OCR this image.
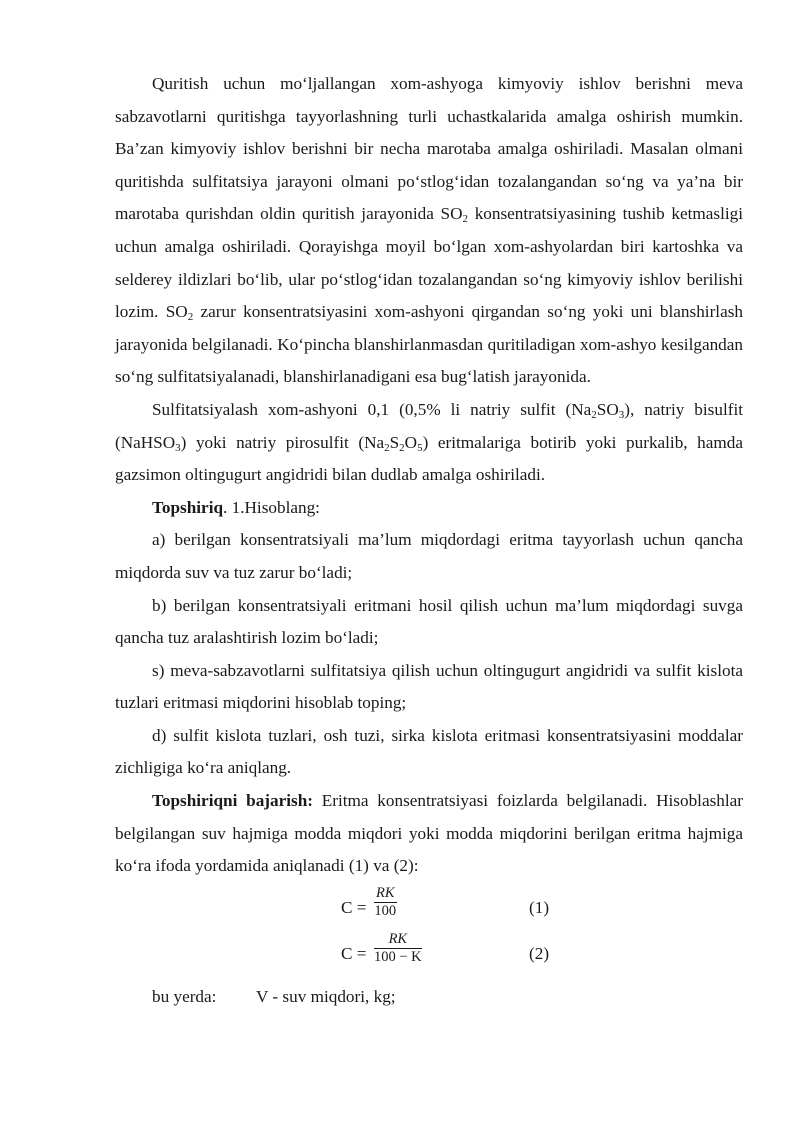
Quritish uchun mo‘ljallangan xom-ashyoga kimyoviy ishlov berishni meva sabzavotlarni quritishga tayyorlashning turli uchastkalarida amalga oshirish mumkin. Ba’zan kimyoviy ishlov berishni bir necha marotaba amalga oshiriladi. Masalan olmani quritishda sulfitatsiya jarayoni olmani po‘stlog‘idan tozalangandan so‘ng va ya’na bir marotaba qurishdan oldin quritish jarayonida $SO_2$ konsentratsiyasining tushib ketmasligi uchun amalga oshiriladi. Qorayishga moyil bo‘lgan xom-ashyolardan biri kartoshka va selderey ildizlari bo‘lib, ular po‘stlog‘idan tozalangandan so‘ng kimyoviy ishlov berilishi lozim. $SO_2$ zarur konsentratsiyasini xom-ashyoni qirgandan so‘ng yoki uni blanshirlash jarayonida belgilanadi. Ko‘pincha blanshirlanmasdan quritiladigan xom-ashyo kesilgandan so‘ng sulfitatsiyalanadi, blanshirlanadigani esa bug‘latish jarayonida.

Sulfitatsiyalash xom-ashyoni 0,1 (0,5% li natriy sulfit $(Na_2SO_3)$, natriy bisulfit (NaHSO$_3$) yoki natriy pirosulfit $(Na_2S_2O_5)$ eritmalariga botirib yoki purkalib, hamda gazsimon oltingugurt angidridi bilan dudlab amalga oshiriladi.

Topshiriq. 1.Hisoblang:

a) berilgan konsentratsiyali ma’lum miqdordagi eritma tayyorlash uchun qancha miqdorda suv va tuz zarur bo‘ladi;

b) berilgan konsentratsiyali eritmani hosil qilish uchun ma’lum miqdordagi suvga qancha tuz aralashtirish lozim bo‘ladi;

s) meva-sabzavotlarni sulfitatsiya qilish uchun oltingugurt angidridi va sulfit kislota tuzlari eritmasi miqdorini hisoblab toping;

d) sulfit kislota tuzlari, osh tuzi, sirka kislota eritmasi konsentratsiyasini moddalar zichligiga ko‘ra aniqlang.

Topshiriqni bajarish: Eritma konsentratsiyasi foizlarda belgilanadi. Hisoblashlar belgilangan suv hajmiga modda miqdori yoki modda miqdorini berilgan eritma hajmiga ko‘ra ifoda yordamida aniqlanadi (1) va (2):

$C = \frac{RK}{100}$	(1)
$C = \frac{RK}{100 - K}$	(2)
bu yerda:	V - suv miqdori, kg;
